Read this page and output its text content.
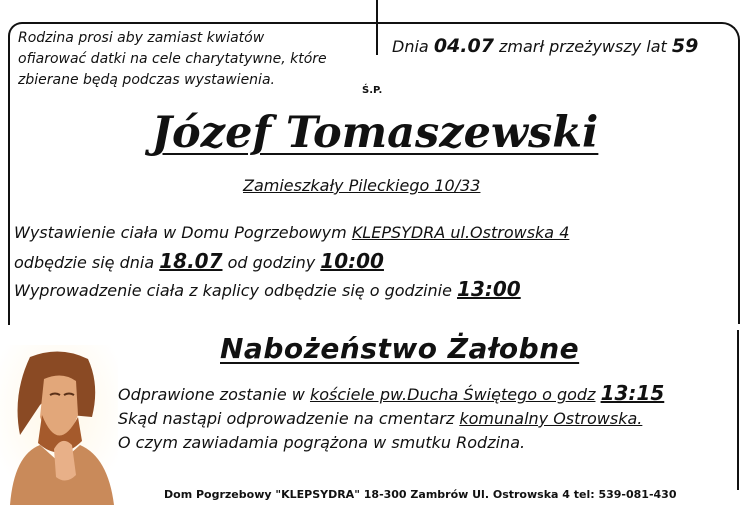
Rodzina prosi aby zamiast kwiatów
ofiarować datki na cele charytatywne, które
zbierane będą podczas wystawienia.
Dnia 04.07 zmarł przeżywszy lat 59
Ś.P.
Józef Tomaszewski
Zamieszkały Pileckiego 10/33
Wystawienie ciała w Domu Pogrzebowym KLEPSYDRA ul.Ostrowska 4
odbędzie się dnia 18.07 od godziny 10:00
Wyprowadzenie ciała z kaplicy odbędzie się o godzinie 13:00
Nabożeństwo Żałobne
Odprawione zostanie w kościele pw.Ducha Świętego o godz 13:15
Skąd nastąpi odprowadzenie na cmentarz komunalny Ostrowska.
O czym zawiadamia pogrążona w smutku Rodzina.
Dom Pogrzebowy "KLEPSYDRA" 18-300 Zambrów Ul. Ostrowska 4 tel: 539-081-430
